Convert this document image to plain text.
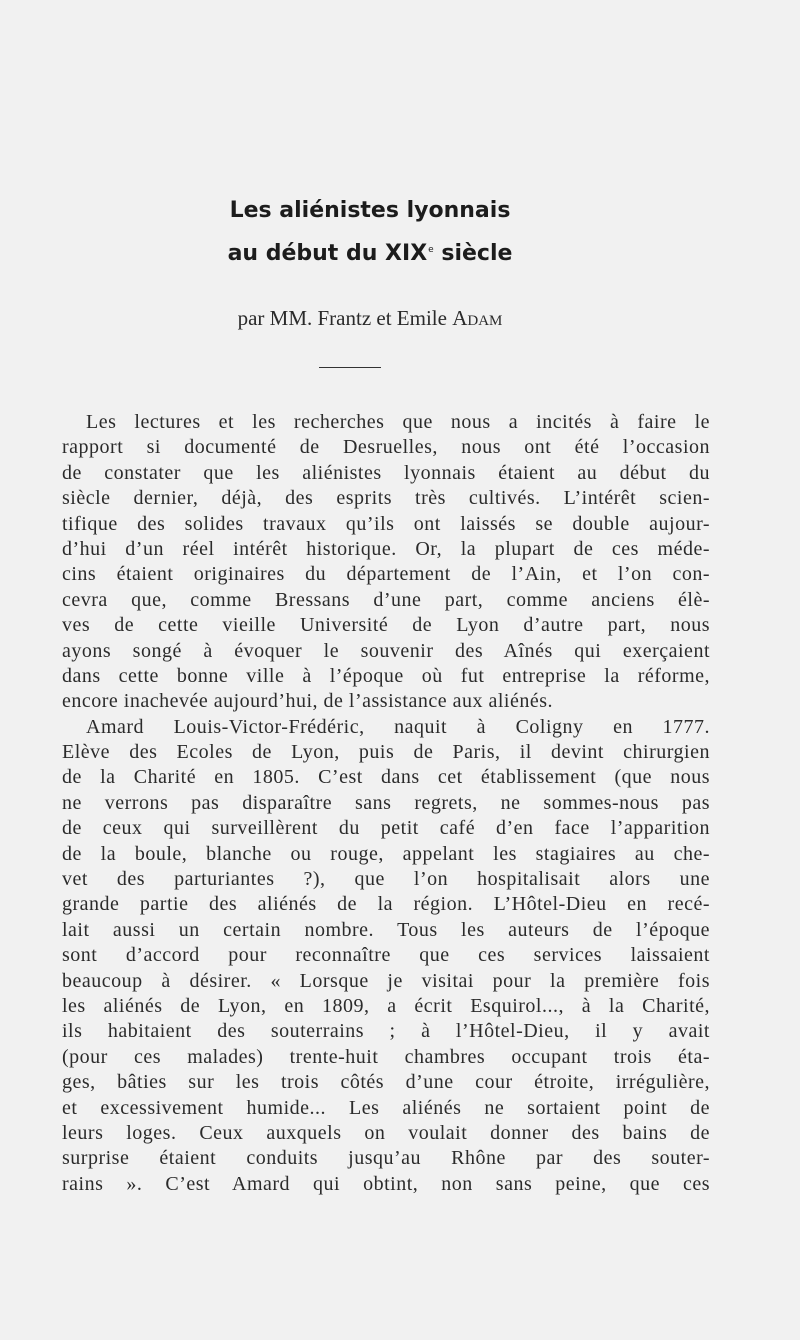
Les aliénistes lyonnais
au début du XIXe siècle
par MM. Frantz et Emile Adam
Les lectures et les recherches que nous a incités à faire le
rapport si documenté de Desruelles, nous ont été l’occasion
de constater que les aliénistes lyonnais étaient au début du
siècle dernier, déjà, des esprits très cultivés. L’intérêt scien-
tifique des solides travaux qu’ils ont laissés se double aujour-
d’hui d’un réel intérêt historique. Or, la plupart de ces méde-
cins étaient originaires du département de l’Ain, et l’on con-
cevra que, comme Bressans d’une part, comme anciens élè-
ves de cette vieille Université de Lyon d’autre part, nous
ayons songé à évoquer le souvenir des Aînés qui exerçaient
dans cette bonne ville à l’époque où fut entreprise la réforme,
encore inachevée aujourd’hui, de l’assistance aux aliénés.
Amard Louis-Victor-Frédéric, naquit à Coligny en 1777.
Elève des Ecoles de Lyon, puis de Paris, il devint chirurgien
de la Charité en 1805. C’est dans cet établissement (que nous
ne verrons pas disparaître sans regrets, ne sommes-nous pas
de ceux qui surveillèrent du petit café d’en face l’apparition
de la boule, blanche ou rouge, appelant les stagiaires au che-
vet des parturiantes ?), que l’on hospitalisait alors une
grande partie des aliénés de la région. L’Hôtel-Dieu en recé-
lait aussi un certain nombre. Tous les auteurs de l’époque
sont d’accord pour reconnaître que ces services laissaient
beaucoup à désirer. « Lorsque je visitai pour la première fois
les aliénés de Lyon, en 1809, a écrit Esquirol..., à la Charité,
ils habitaient des souterrains ; à l’Hôtel-Dieu, il y avait
(pour ces malades) trente-huit chambres occupant trois éta-
ges, bâties sur les trois côtés d’une cour étroite, irrégulière,
et excessivement humide... Les aliénés ne sortaient point de
leurs loges. Ceux auxquels on voulait donner des bains de
surprise étaient conduits jusqu’au Rhône par des souter-
rains ». C’est Amard qui obtint, non sans peine, que ces
